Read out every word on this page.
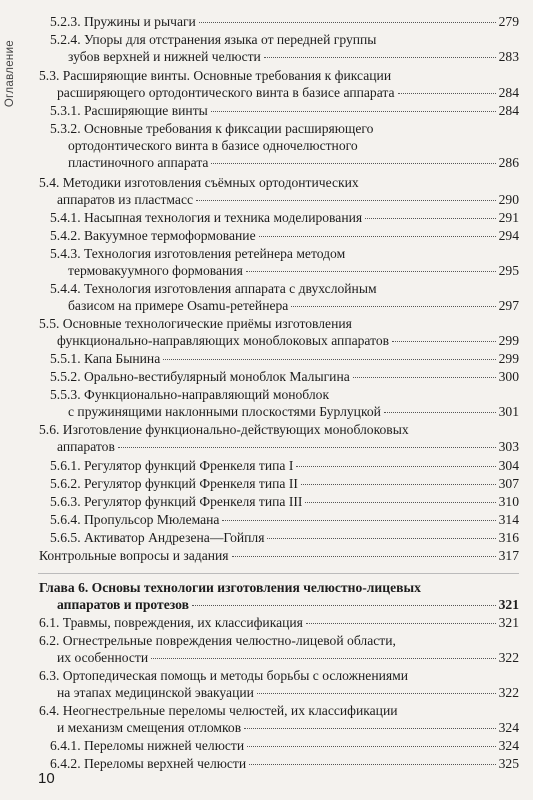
Оглавление
5.2.3. Пружины и рычаги	279
5.2.4. Упоры для отстранения языка от передней группы
зубов верхней и нижней челюсти	283
5.3. Расширяющие винты. Основные требования к фиксации
расширяющего ортодонтического винта в базисе аппарата	284
5.3.1. Расширяющие винты	284
5.3.2. Основные требования к фиксации расширяющего
ортодонтического винта в базисе одночелюстного
пластиночного аппарата	286
5.4. Методики изготовления съёмных ортодонтических
аппаратов из пластмасс	290
5.4.1. Насыпная технология и техника моделирования	291
5.4.2. Вакуумное термоформование	294
5.4.3. Технология изготовления ретейнера методом
термовакуумного формования	295
5.4.4. Технология изготовления аппарата с двухслойным
базисом на примере Osamu-ретейнера	297
5.5. Основные технологические приёмы изготовления
функционально-направляющих моноблоковых аппаратов	299
5.5.1. Капа Бынина	299
5.5.2. Орально-вестибулярный моноблок Малыгина	300
5.5.3. Функционально-направляющий моноблок
с пружинящими наклонными плоскостями Бурлуцкой	301
5.6. Изготовление функционально-действующих моноблоковых
аппаратов	303
5.6.1. Регулятор функций Френкеля типа I	304
5.6.2. Регулятор функций Френкеля типа II	307
5.6.3. Регулятор функций Френкеля типа III	310
5.6.4. Пропульсор Мюлемана	314
5.6.5. Активатор Андрезена—Гойпля	316
Контрольные вопросы и задания	317
Глава 6. Основы технологии изготовления челюстно-лицевых
аппаратов и протезов	321
6.1. Травмы, повреждения, их классификация	321
6.2. Огнестрельные повреждения челюстно-лицевой области,
их особенности	322
6.3. Ортопедическая помощь и методы борьбы с осложнениями
на этапах медицинской эвакуации	322
6.4. Неогнестрельные переломы челюстей, их классификации
и механизм смещения отломков	324
6.4.1. Переломы нижней челюсти	324
6.4.2. Переломы верхней челюсти	325
10
